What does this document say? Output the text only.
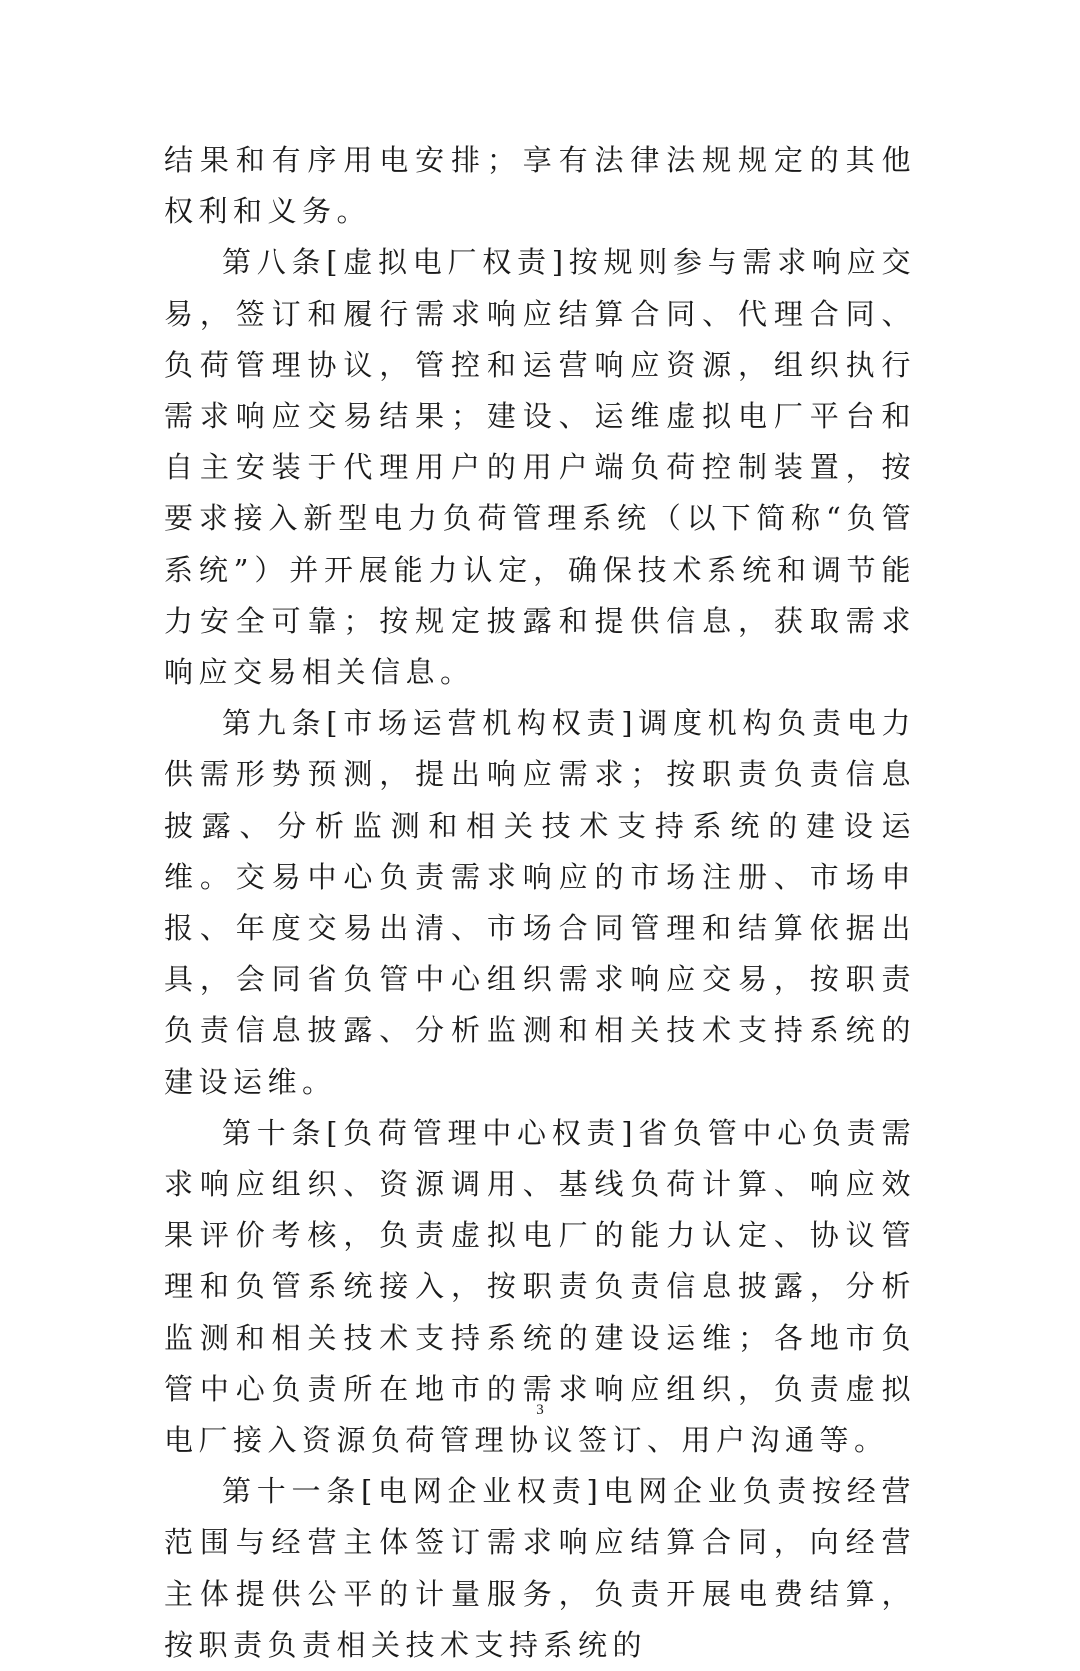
结果和有序用电安排；享有法律法规规定的其他权利和义务。

第八条[虚拟电厂权责]按规则参与需求响应交易，签订和履行需求响应结算合同、代理合同、负荷管理协议，管控和运营响应资源，组织执行需求响应交易结果；建设、运维虚拟电厂平台和自主安装于代理用户的用户端负荷控制装置，按要求接入新型电力负荷管理系统（以下简称“负管系统”）并开展能力认定，确保技术系统和调节能力安全可靠；按规定披露和提供信息，获取需求响应交易相关信息。

第九条[市场运营机构权责]调度机构负责电力供需形势预测，提出响应需求；按职责负责信息披露、分析监测和相关技术支持系统的建设运维。交易中心负责需求响应的市场注册、市场申报、年度交易出清、市场合同管理和结算依据出具，会同省负管中心组织需求响应交易，按职责负责信息披露、分析监测和相关技术支持系统的建设运维。

第十条[负荷管理中心权责]省负管中心负责需求响应组织、资源调用、基线负荷计算、响应效果评价考核，负责虚拟电厂的能力认定、协议管理和负管系统接入，按职责负责信息披露，分析监测和相关技术支持系统的建设运维；各地市负管中心负责所在地市的需求响应组织，负责虚拟电厂接入资源负荷管理协议签订、用户沟通等。

第十一条[电网企业权责]电网企业负责按经营范围与经营主体签订需求响应结算合同，向经营主体提供公平的计量服务，负责开展电费结算，按职责负责相关技术支持系统的

3
